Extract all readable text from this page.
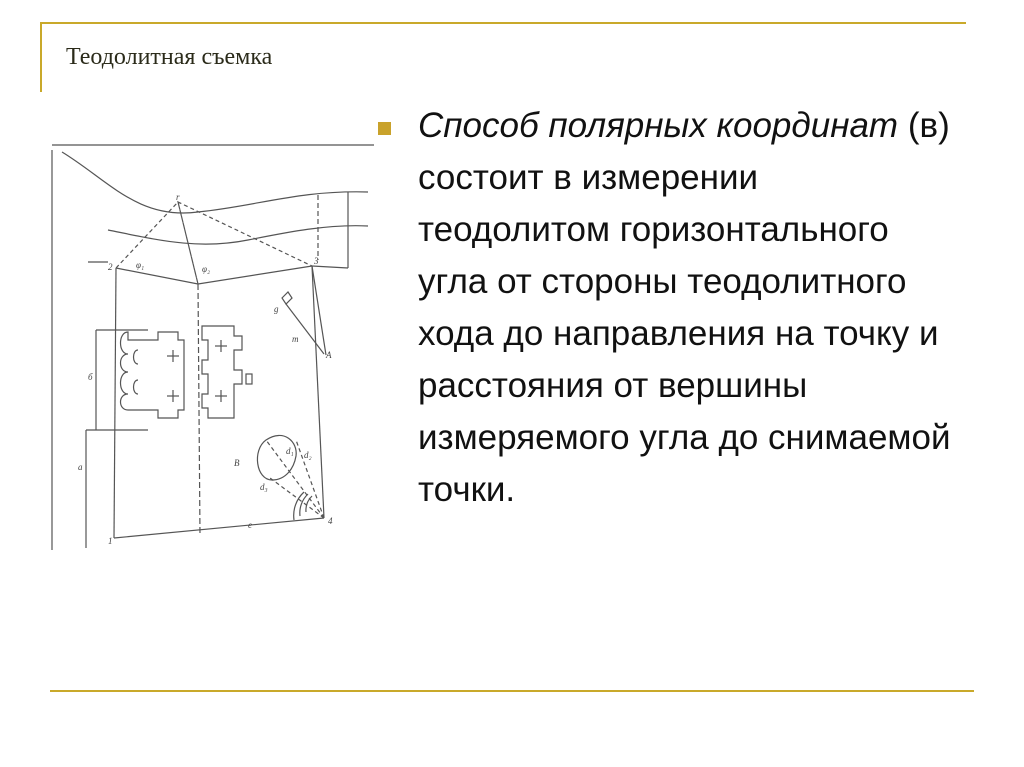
Теодолитная съемка
2
3
1
4
r
φ₁	φ₂
g
m
A
б
а	B
d₁ d₂
d₃
е
Способ полярных координат (в) состоит в измерении теодолитом горизонтального угла от стороны теодолитного хода до направления на точку и расстояния от вершины измеряемого угла до снимаемой точки.
